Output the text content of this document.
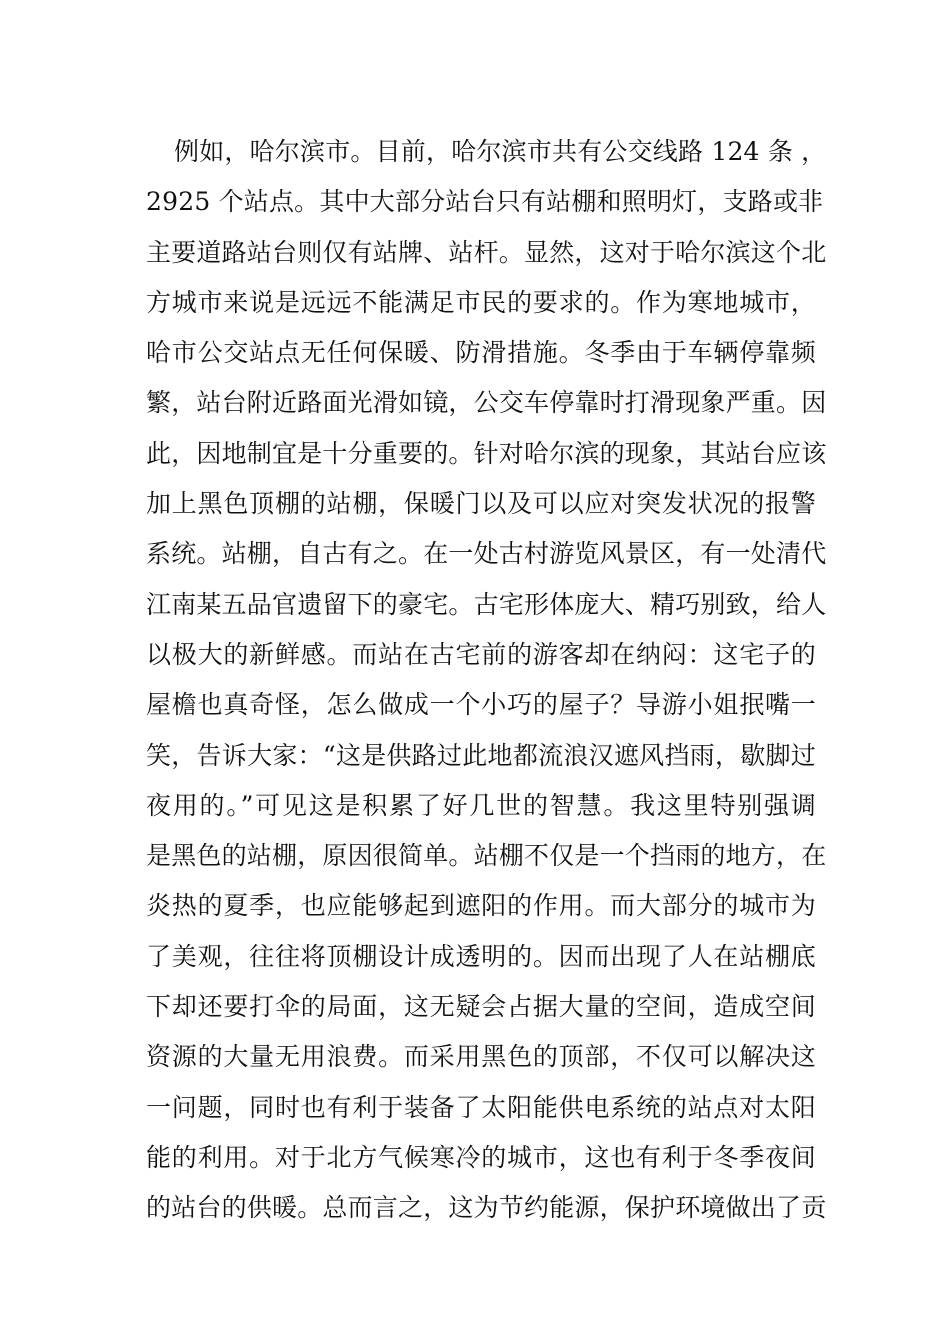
例如，哈尔滨市。目前，哈尔滨市共有公交线路 124 条 ，
2925 个站点。其中大部分站台只有站棚和照明灯，支路或非
主要道路站台则仅有站牌、站杆。显然，这对于哈尔滨这个北
方城市来说是远远不能满足市民的要求的。作为寒地城市，
哈市公交站点无任何保暖、防滑措施。冬季由于车辆停靠频
繁，站台附近路面光滑如镜，公交车停靠时打滑现象严重。因
此，因地制宜是十分重要的。针对哈尔滨的现象，其站台应该
加上黑色顶棚的站棚，保暖门以及可以应对突发状况的报警
系统。站棚，自古有之。在一处古村游览风景区，有一处清代
江南某五品官遗留下的豪宅。古宅形体庞大、精巧别致，给人
以极大的新鲜感。而站在古宅前的游客却在纳闷：这宅子的
屋檐也真奇怪，怎么做成一个小巧的屋子？导游小姐抿嘴一
笑，告诉大家：“这是供路过此地都流浪汉遮风挡雨，歇脚过
夜用的。”可见这是积累了好几世的智慧。我这里特别强调
是黑色的站棚，原因很简单。站棚不仅是一个挡雨的地方，在
炎热的夏季，也应能够起到遮阳的作用。而大部分的城市为
了美观，往往将顶棚设计成透明的。因而出现了人在站棚底
下却还要打伞的局面，这无疑会占据大量的空间，造成空间
资源的大量无用浪费。而采用黑色的顶部，不仅可以解决这
一问题，同时也有利于装备了太阳能供电系统的站点对太阳
能的利用。对于北方气候寒冷的城市，这也有利于冬季夜间
的站台的供暖。总而言之，这为节约能源，保护环境做出了贡
